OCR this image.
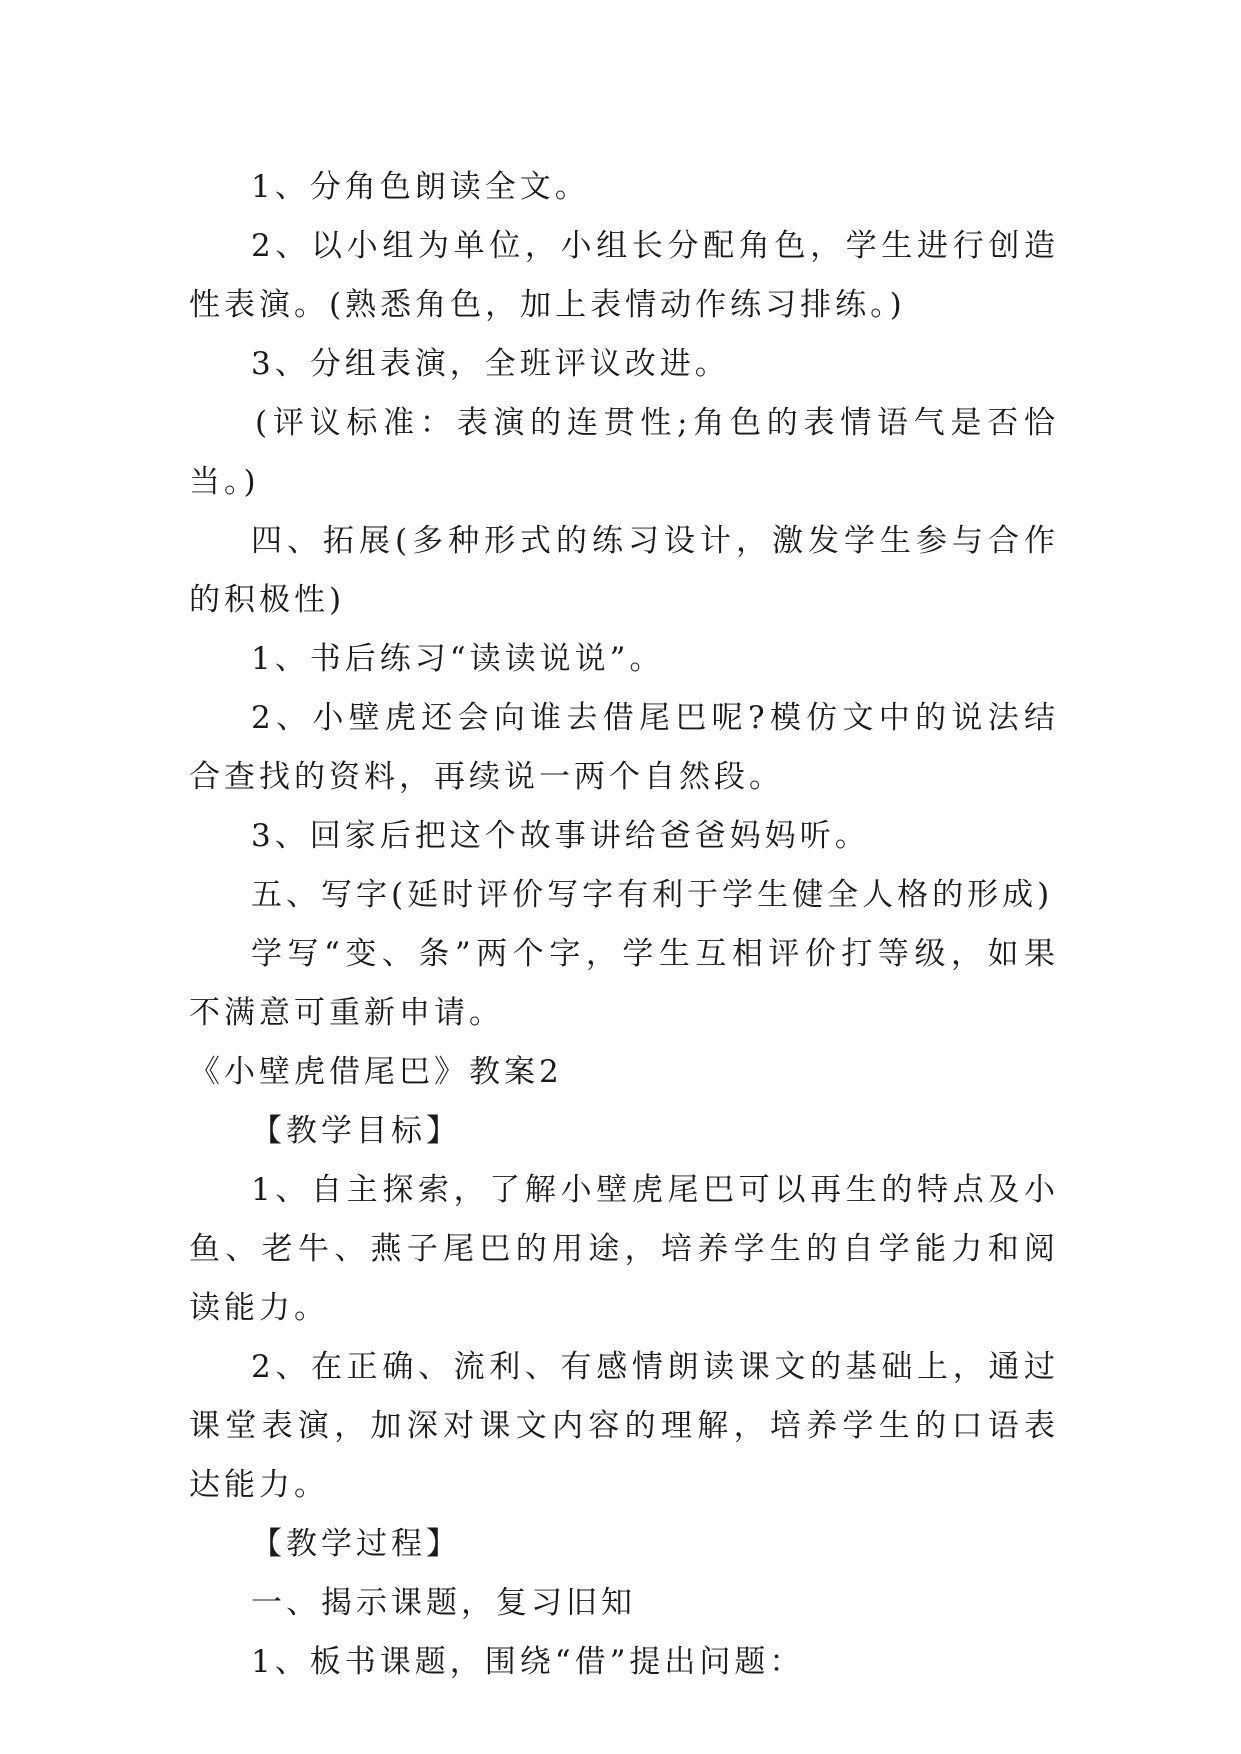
1、分角色朗读全文。

2、以小组为单位，小组长分配角色，学生进行创造性表演。(熟悉角色，加上表情动作练习排练。)

3、分组表演，全班评议改进。

(评议标准：表演的连贯性;角色的表情语气是否恰当。)

四、拓展(多种形式的练习设计，激发学生参与合作的积极性)

1、书后练习“读读说说”。

2、小壁虎还会向谁去借尾巴呢?模仿文中的说法结合查找的资料，再续说一两个自然段。

3、回家后把这个故事讲给爸爸妈妈听。

五、写字(延时评价写字有利于学生健全人格的形成)

学写“变、条”两个字，学生互相评价打等级，如果不满意可重新申请。

《小壁虎借尾巴》教案2

【教学目标】

1、自主探索，了解小壁虎尾巴可以再生的特点及小鱼、老牛、燕子尾巴的用途，培养学生的自学能力和阅读能力。

2、在正确、流利、有感情朗读课文的基础上，通过课堂表演，加深对课文内容的理解，培养学生的口语表达能力。

【教学过程】

一、揭示课题，复习旧知

1、板书课题，围绕“借”提出问题：
